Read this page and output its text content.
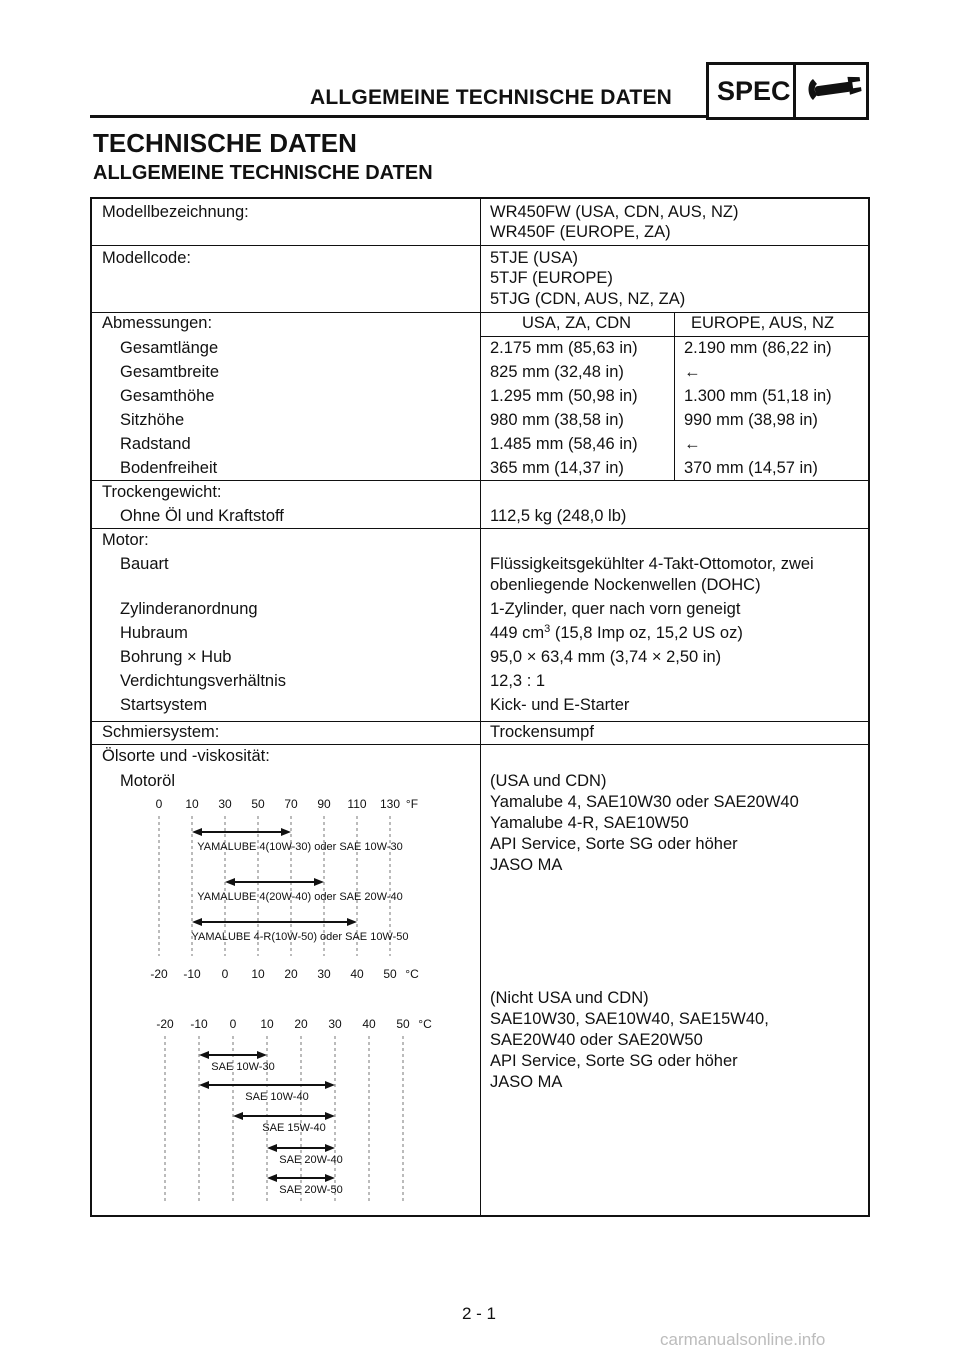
ALLGEMEINE TECHNISCHE DATEN SPEC
TECHNISCHE DATEN
ALLGEMEINE TECHNISCHE DATEN
Modellbezeichnung:	WR450FW (USA, CDN, AUS, NZ)
WR450F (EUROPE, ZA)
Modellcode:	5TJE (USA)
5TJF (EUROPE)
5TJG (CDN, AUS, NZ, ZA)
Abmessungen:	USA, ZA, CDN	EUROPE, AUS, NZ
Gesamtlänge	2.175 mm (85,63 in)	2.190 mm (86,22 in)
Gesamtbreite	825 mm (32,48 in)	←
Gesamthöhe	1.295 mm (50,98 in)	1.300 mm (51,18 in)
Sitzhöhe	980 mm (38,58 in)	990 mm (38,98 in)
Radstand	1.485 mm (58,46 in)	←
Bodenfreiheit	365 mm (14,37 in)	370 mm (14,57 in)
Trockengewicht:
Ohne Öl und Kraftstoff	112,5 kg (248,0 lb)
Motor:
Bauart	Flüssigkeitsgekühlter 4-Takt-Ottomotor, zwei
obenliegende Nockenwellen (DOHC)
Zylinderanordnung	1-Zylinder, quer nach vorn geneigt
Hubraum	449 $cm^3$ (15,8 Imp oz, 15,2 US oz)
Bohrung × Hub	95,0 × 63,4 mm (3,74 × 2,50 in)
Verdichtungsverhältnis	12,3 : 1
Startsystem	Kick- und E-Starter
Schmiersystem:	Trockensumpf
Ölsorte und -viskosität:
Motoröl	(USA und CDN)
Yamalube 4, SAE10W30 oder SAE20W40
Yamalube 4-R, SAE10W50
API Service, Sorte SG oder höher
JASO MA
(Nicht USA und CDN)
SAE10W30, SAE10W40, SAE15W40,
SAE20W40 oder SAE20W50
API Service, Sorte SG oder höher
JASO MA
0
-20
10
-10
30
0
50
10
70
20
90
30
110
40
130
50
°F
°C
YAMALUBE 4(10W-30) oder SAE 10W-30
YAMALUBE 4(20W-40) oder SAE 20W-40
YAMALUBE 4-R(10W-50) oder SAE 10W-50
-20 -10 0 10 20 30 40 50 °C
SAE 10W-30
SAE 10W-40
SAE 15W-40
SAE 20W-40
SAE 20W-50
2 - 1
carmanualsonline.info
